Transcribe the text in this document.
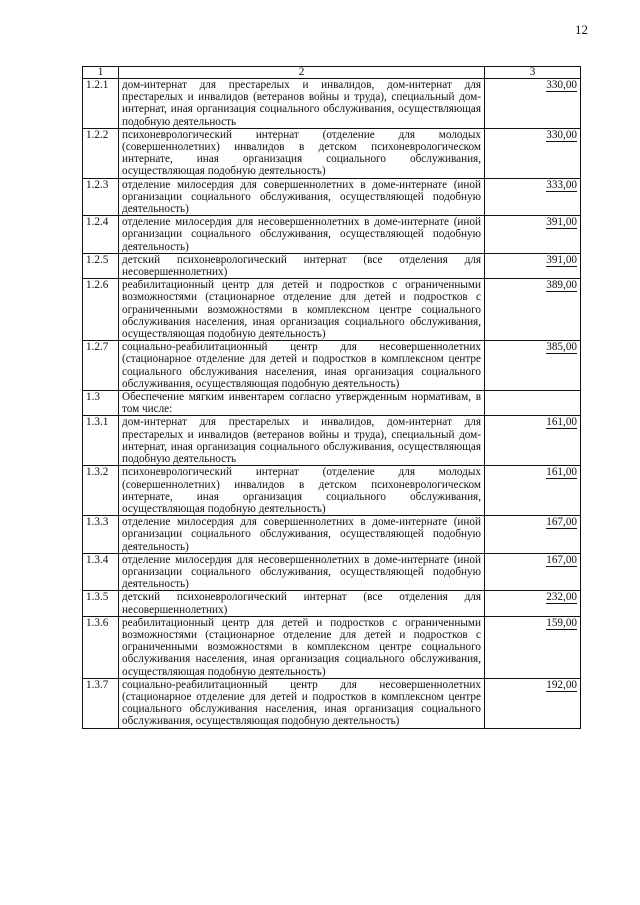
12
1	2	3
1.2.1	дом-интернат для престарелых и инвалидов, дом-интернат для престарелых и инвалидов (ветеранов войны и труда), специальный дом-интернат, иная организация социального обслуживания, осуществляющая подобную деятельность	330,00
1.2.2	психоневрологический интернат (отделение для молодых (совершеннолетних) инвалидов в детском психоневрологическом интернате, иная организация социального обслуживания, осуществляющая подобную деятельность)	330,00
1.2.3	отделение милосердия для совершеннолетних в доме-интернате (иной организации социального обслуживания, осуществляющей подобную деятельность)	333,00
1.2.4	отделение милосердия для несовершеннолетних в доме-интернате (иной организации социального обслуживания, осуществляющей подобную деятельность)	391,00
1.2.5	детский психоневрологический интернат (все отделения для несовершеннолетних)	391,00
1.2.6	реабилитационный центр для детей и подростков с ограниченными возможностями (стационарное отделение для детей и подростков с ограниченными возможностями в комплексном центре социального обслуживания населения, иная организация социального обслуживания, осуществляющая подобную деятельность)	389,00
1.2.7	социально-реабилитационный центр для несовершеннолетних (стационарное отделение для детей и подростков в комплексном центре социального обслуживания населения, иная организация социального обслуживания, осуществляющая подобную деятельность)	385,00
1.3	Обеспечение мягким инвентарем согласно утвержденным нормативам, в том числе:	
1.3.1	дом-интернат для престарелых и инвалидов, дом-интернат для престарелых и инвалидов (ветеранов войны и труда), специальный дом-интернат, иная организация социального обслуживания, осуществляющая подобную деятельность	161,00
1.3.2	психоневрологический интернат (отделение для молодых (совершеннолетних) инвалидов в детском психоневрологическом интернате, иная организация социального обслуживания, осуществляющая подобную деятельность)	161,00
1.3.3	отделение милосердия для совершеннолетних в доме-интернате (иной организации социального обслуживания, осуществляющей подобную деятельность)	167,00
1.3.4	отделение милосердия для несовершеннолетних в доме-интернате (иной организации социального обслуживания, осуществляющей подобную деятельность)	167,00
1.3.5	детский психоневрологический интернат (все отделения для несовершеннолетних)	232,00
1.3.6	реабилитационный центр для детей и подростков с ограниченными возможностями (стационарное отделение для детей и подростков с ограниченными возможностями в комплексном центре социального обслуживания населения, иная организация социального обслуживания, осуществляющая подобную деятельность)	159,00
1.3.7	социально-реабилитационный центр для несовершеннолетних (стационарное отделение для детей и подростков в комплексном центре социального обслуживания населения, иная организация социального обслуживания, осуществляющая подобную деятельность)	192,00
